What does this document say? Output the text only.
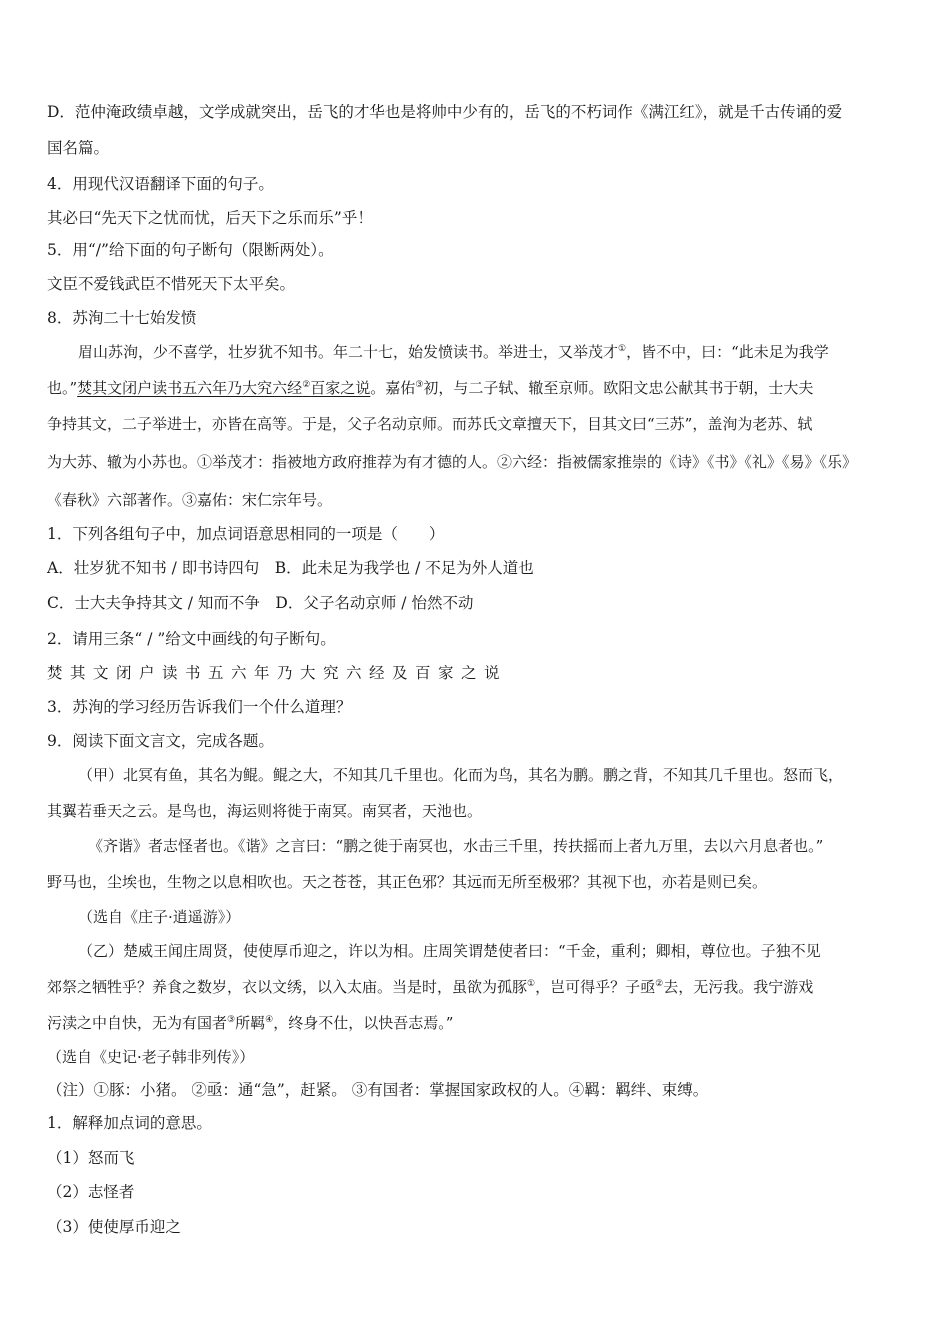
D．范仲淹政绩卓越，文学成就突出，岳飞的才华也是将帅中少有的，岳飞的不朽词作《满江红》，就是千古传诵的爱
国名篇。
4．用现代汉语翻译下面的句子。
其必曰“先天下之忧而忧，后天下之乐而乐”乎！
5．用“/”给下面的句子断句（限断两处）。
文臣不爱钱武臣不惜死天下太平矣。
8．苏洵二十七始发愤
眉山苏洵，少不喜学，壮岁犹不知书。年二十七，始发愤读书。举进士，又举茂才①，皆不中，曰：“此未足为我学
也。”焚其文闭户读书五六年乃大究六经②百家之说。嘉佑③初，与二子轼、辙至京师。欧阳文忠公献其书于朝，士大夫
争持其文，二子举进士，亦皆在高等。于是，父子名动京师。而苏氏文章擅天下，目其文曰“三苏”，盖洵为老苏、轼
为大苏、辙为小苏也。①举茂才：指被地方政府推荐为有才德的人。②六经：指被儒家推崇的《诗》《书》《礼》《易》《乐》
《春秋》六部著作。③嘉佑：宋仁宗年号。
1．下列各组句子中，加点词语意思相同的一项是（　　）
A．壮岁犹不知书 / 即书诗四句　B．此未足为我学也 / 不足为外人道也
C．士大夫争持其文 / 知而不争　D．父子名动京师 / 怡然不动
2．请用三条“ / ”给文中画线的句子断句。
焚其文闭户读书五六年乃大究六经及百家之说
3．苏洵的学习经历告诉我们一个什么道理？
9．阅读下面文言文，完成各题。
（甲）北冥有鱼，其名为鲲。鲲之大，不知其几千里也。化而为鸟，其名为鹏。鹏之背，不知其几千里也。怒而飞，
其翼若垂天之云。是鸟也，海运则将徙于南冥。南冥者，天池也。
《齐谐》者志怪者也。《谐》之言曰：“鹏之徙于南冥也，水击三千里，抟扶摇而上者九万里，去以六月息者也。”
野马也，尘埃也，生物之以息相吹也。天之苍苍，其正色邪？其远而无所至极邪？其视下也，亦若是则已矣。
（选自《庄子·逍遥游》）
（乙）楚威王闻庄周贤，使使厚币迎之，许以为相。庄周笑谓楚使者曰：“千金，重利；卿相，尊位也。子独不见
郊祭之牺牲乎？养食之数岁，衣以文绣，以入太庙。当是时，虽欲为孤豚①，岂可得乎？子亟②去，无污我。我宁游戏
污渎之中自快，无为有国者③所羁④，终身不仕，以快吾志焉。”
（选自《史记·老子韩非列传》）
（注）①豚：小猪。 ②亟：通“急”，赶紧。 ③有国者：掌握国家政权的人。④羁：羁绊、束缚。
1．解释加点词的意思。
（1）怒而飞
（2）志怪者
（3）使使厚币迎之
